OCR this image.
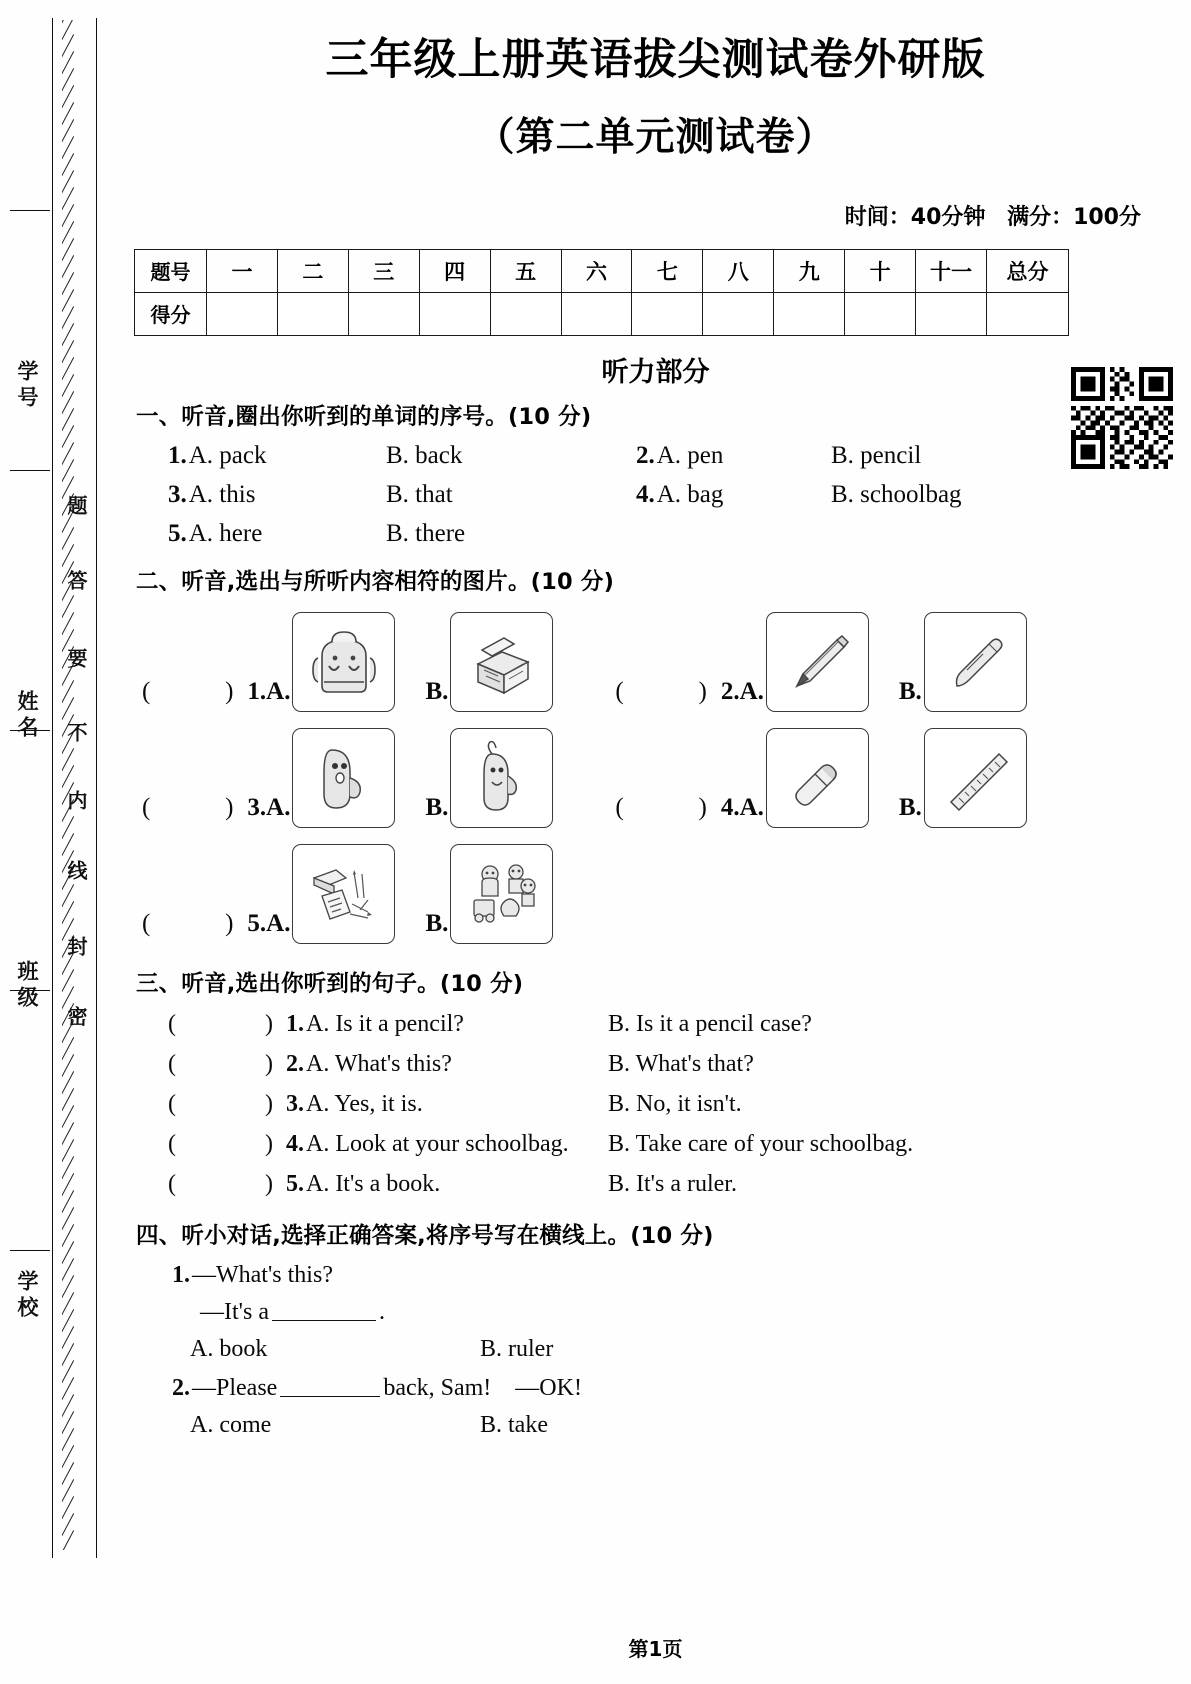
学号
姓名
班级
学校
题
答
要
不
内
线
封
密
三年级上册英语拔尖测试卷外研版
（第二单元测试卷）
时间：40分钟 满分：100分
题号	一	二	三	四	五	六	七	八	九	十	十一	总分
得分												
听力部分
一、听音,圈出你听到的单词的序号。(10 分)
1.A. pack	B. back	2.A. pen	B. pencil
3.A. this	B. that	4.A. bag	B. schoolbag
5.A. here	B. there
二、听音,选出与所听内容相符的图片。(10 分)
(   ) 1.A.	B.	(   ) 2.A.	B.
(   ) 3.A.	B.	(   ) 4.A.	B.
(   ) 5.A.	B.
三、听音,选出你听到的句子。(10 分)
(    )1.A. Is it a pencil?	B. Is it a pencil case?
(    )2.A. What's this?	B. What's that?
(    )3.A. Yes, it is.	B. No, it isn't.
(    )4.A. Look at your schoolbag.	B. Take care of your schoolbag.
(    )5.A. It's a book.	B. It's a ruler.
四、听小对话,选择正确答案,将序号写在横线上。(10 分)
1.—What's this?
—It's a	.
A. book	B. ruler
2.—Please	back, Sam! —OK!
A. come	B. take
第1页
